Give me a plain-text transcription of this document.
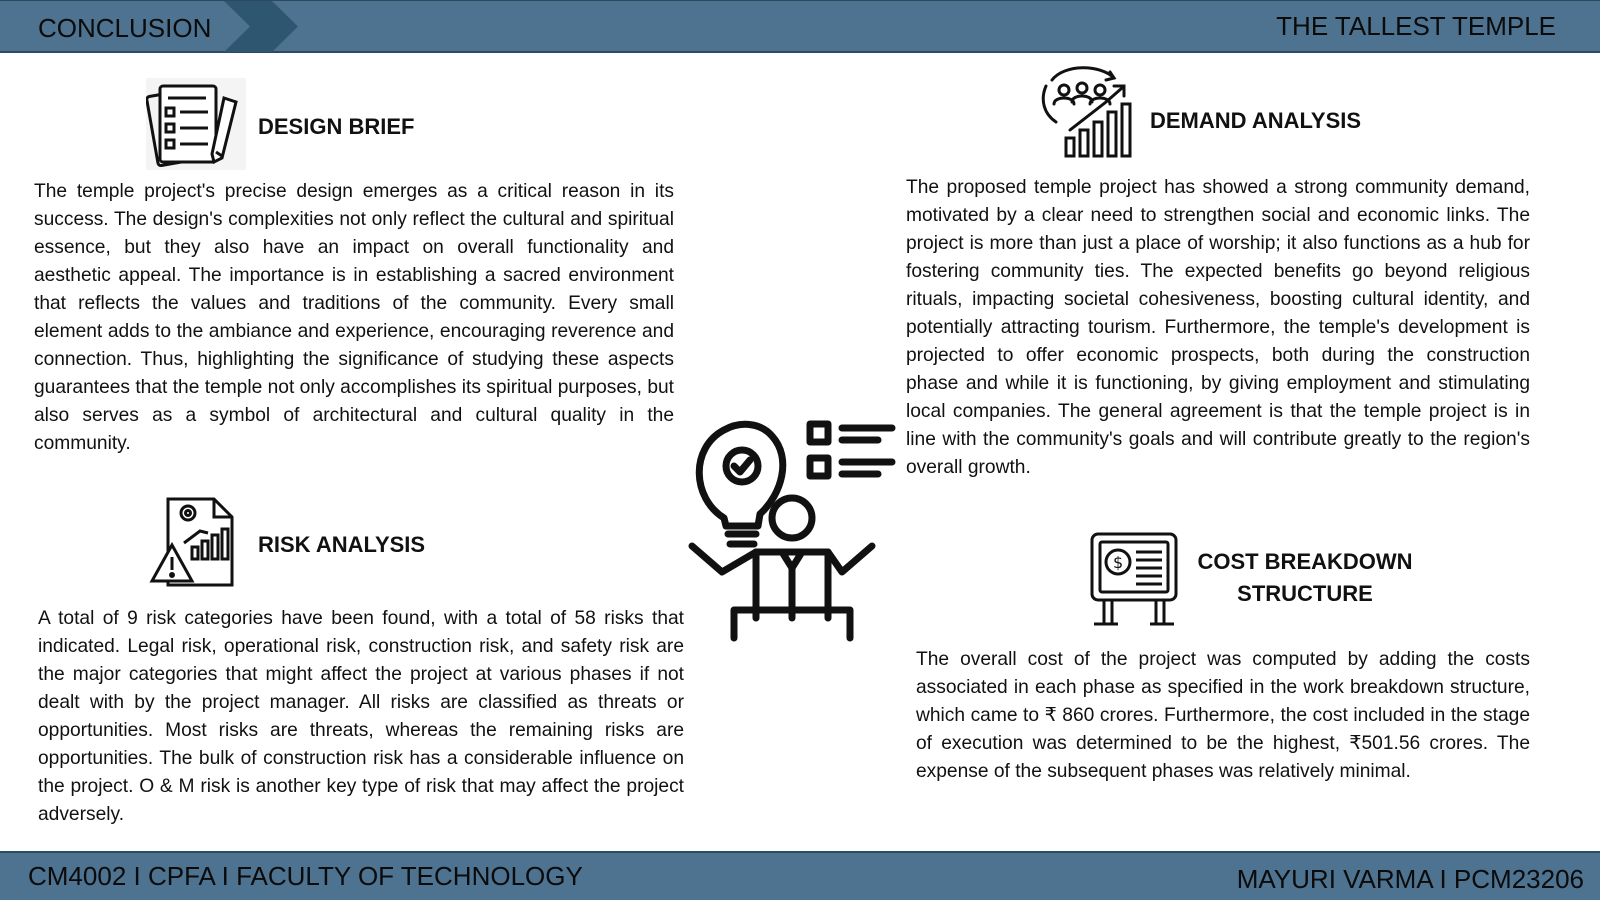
CONCLUSION	THE TALLEST TEMPLE
DESIGN BRIEF
The temple project's precise design emerges as a critical reason in its success. The design's complexities not only reflect the cultural and spiritual essence, but they also have an impact on overall functionality and aesthetic appeal. The importance is in establishing a sacred environment that reflects the values and traditions of the community. Every small element adds to the ambiance and experience, encouraging reverence and connection. Thus, highlighting the significance of studying these aspects guarantees that the temple not only accomplishes its spiritual purposes, but also serves as a symbol of architectural and cultural quality in the community.
RISK ANALYSIS
A total of 9 risk categories have been found, with a total of 58 risks that indicated. Legal risk, operational risk, construction risk, and safety risk are the major categories that might affect the project at various phases if not dealt with by the project manager. All risks are classified as threats or opportunities. Most risks are threats, whereas the remaining risks are opportunities. The bulk of construction risk has a considerable influence on the project. O & M risk is another key type of risk that may affect the project adversely.
DEMAND ANALYSIS
The proposed temple project has showed a strong community demand, motivated by a clear need to strengthen social and economic links. The project is more than just a place of worship; it also functions as a hub for fostering community ties. The expected benefits go beyond religious rituals, impacting societal cohesiveness, boosting cultural identity, and potentially attracting tourism. Furthermore, the temple's development is projected to offer economic prospects, both during the construction phase and while it is functioning, by giving employment and stimulating local companies. The general agreement is that the temple project is in line with the community's goals and will contribute greatly to the region's overall growth.
$	COST BREAKDOWN
STRUCTURE
The overall cost of the project was computed by adding the costs associated in each phase as specified in the work breakdown structure, which came to ₹ 860 crores. Furthermore, the cost included in the stage of execution was determined to be the highest, ₹501.56 crores. The expense of the subsequent phases was relatively minimal.
CM4002 I CPFA I FACULTY OF TECHNOLOGY	MAYURI VARMA I PCM23206
